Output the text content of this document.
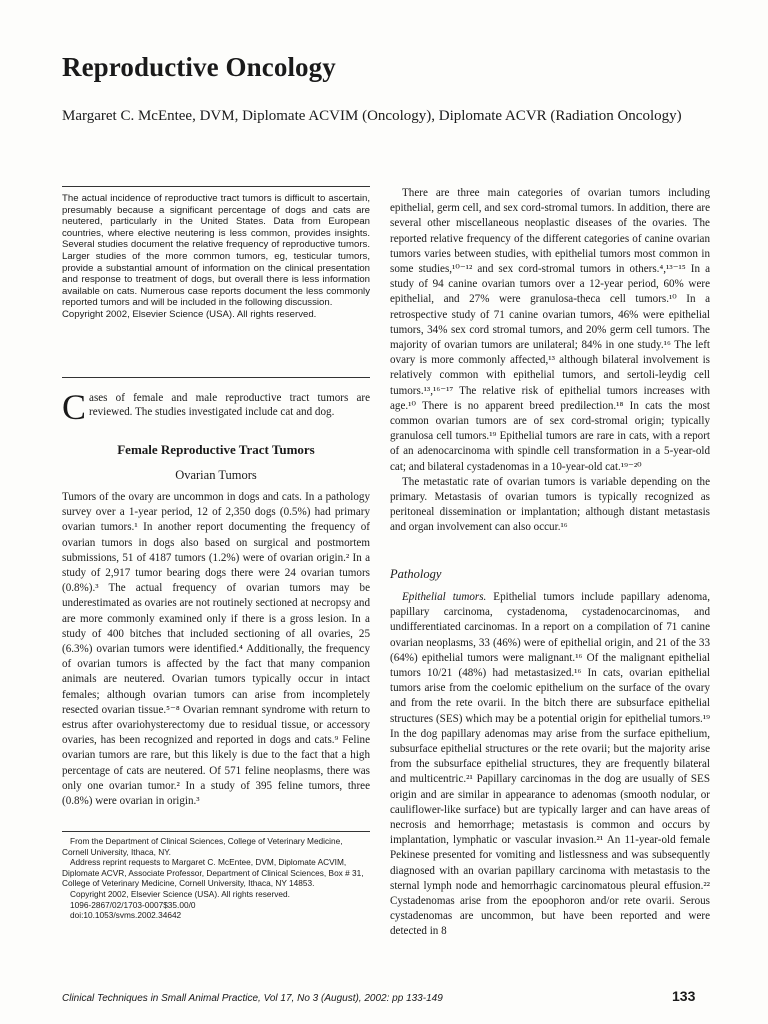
Reproductive Oncology
Margaret C. McEntee, DVM, Diplomate ACVIM (Oncology), Diplomate ACVR (Radiation Oncology)

The actual incidence of reproductive tract tumors is difficult to ascertain, presumably because a significant percentage of dogs and cats are neutered, particularly in the United States. Data from European countries, where elective neutering is less common, provides insights. Several studies document the relative frequency of reproductive tumors. Larger studies of the more common tumors, eg, testicular tumors, provide a substantial amount of information on the clinical presentation and response to treatment of dogs, but overall there is less information available on cats. Numerous case reports document the less commonly reported tumors and will be included in the following discussion.

Copyright 2002, Elsevier Science (USA). All rights reserved.

C ases of female and male reproductive tract tumors are reviewed. The studies investigated include cat and dog.
Female Reproductive Tract Tumors
Ovarian Tumors

Tumors of the ovary are uncommon in dogs and cats. In a pathology survey over a 1-year period, 12 of 2,350 dogs (0.5%) had primary ovarian tumors.¹ In another report documenting the frequency of ovarian tumors in dogs also based on surgical and postmortem submissions, 51 of 4187 tumors (1.2%) were of ovarian origin.² In a study of 2,917 tumor bearing dogs there were 24 ovarian tumors (0.8%).³ The actual frequency of ovarian tumors may be underestimated as ovaries are not routinely sectioned at necropsy and are more commonly examined only if there is a gross lesion. In a study of 400 bitches that included sectioning of all ovaries, 25 (6.3%) ovarian tumors were identified.⁴ Additionally, the frequency of ovarian tumors is affected by the fact that many companion animals are neutered. Ovarian tumors typically occur in intact females; although ovarian tumors can arise from incompletely resected ovarian tissue.⁵⁻⁸ Ovarian remnant syndrome with return to estrus after ovariohysterectomy due to residual tissue, or accessory ovaries, has been recognized and reported in dogs and cats.⁹ Feline ovarian tumors are rare, but this likely is due to the fact that a high percentage of cats are neutered. Of 571 feline neoplasms, there was only one ovarian tumor.² In a study of 395 feline tumors, three (0.8%) were ovarian in origin.³

From the Department of Clinical Sciences, College of Veterinary Medicine, Cornell University, Ithaca, NY.

Address reprint requests to Margaret C. McEntee, DVM, Diplomate ACVIM, Diplomate ACVR, Associate Professor, Department of Clinical Sciences, Box # 31, College of Veterinary Medicine, Cornell University, Ithaca, NY 14853.

Copyright 2002, Elsevier Science (USA). All rights reserved.

1096-2867/02/1703-0007$35.00/0

doi:10.1053/svms.2002.34642

There are three main categories of ovarian tumors including epithelial, germ cell, and sex cord-stromal tumors. In addition, there are several other miscellaneous neoplastic diseases of the ovaries. The reported relative frequency of the different categories of canine ovarian tumors varies between studies, with epithelial tumors most common in some studies,¹⁰⁻¹² and sex cord-stromal tumors in others.⁴,¹³⁻¹⁵ In a study of 94 canine ovarian tumors over a 12-year period, 60% were epithelial, and 27% were granulosa-theca cell tumors.¹⁰ In a retrospective study of 71 canine ovarian tumors, 46% were epithelial tumors, 34% sex cord stromal tumors, and 20% germ cell tumors. The majority of ovarian tumors are unilateral; 84% in one study.¹⁶ The left ovary is more commonly affected,¹³ although bilateral involvement is relatively common with epithelial tumors, and sertoli-leydig cell tumors.¹³,¹⁶⁻¹⁷ The relative risk of epithelial tumors increases with age.¹⁰ There is no apparent breed predilection.¹⁸ In cats the most common ovarian tumors are of sex cord-stromal origin; typically granulosa cell tumors.¹⁹ Epithelial tumors are rare in cats, with a report of an adenocarcinoma with spindle cell transformation in a 5-year-old cat; and bilateral cystadenomas in a 10-year-old cat.¹⁹⁻²⁰

The metastatic rate of ovarian tumors is variable depending on the primary. Metastasis of ovarian tumors is typically recognized as peritoneal dissemination or implantation; although distant metastasis and organ involvement can also occur.¹⁶

Pathology

Epithelial tumors. Epithelial tumors include papillary adenoma, papillary carcinoma, cystadenoma, cystadenocarcinomas, and undifferentiated carcinomas. In a report on a compilation of 71 canine ovarian neoplasms, 33 (46%) were of epithelial origin, and 21 of the 33 (64%) epithelial tumors were malignant.¹⁶ Of the malignant epithelial tumors 10/21 (48%) had metastasized.¹⁶ In cats, ovarian epithelial tumors arise from the coelomic epithelium on the surface of the ovary and from the rete ovarii. In the bitch there are subsurface epithelial structures (SES) which may be a potential origin for epithelial tumors.¹⁹ In the dog papillary adenomas may arise from the surface epithelium, subsurface epithelial structures or the rete ovarii; but the majority arise from the subsurface epithelial structures, they are frequently bilateral and multicentric.²¹ Papillary carcinomas in the dog are usually of SES origin and are similar in appearance to adenomas (smooth nodular, or cauliflower-like surface) but are typically larger and can have areas of necrosis and hemorrhage; metastasis is common and occurs by implantation, lymphatic or vascular invasion.²¹ An 11-year-old female Pekinese presented for vomiting and listlessness and was subsequently diagnosed with an ovarian papillary carcinoma with metastasis to the sternal lymph node and hemorrhagic carcinomatous pleural effusion.²² Cystadenomas arise from the epoophoron and/or rete ovarii. Serous cystadenomas are uncommon, but have been reported and were detected in 8

Clinical Techniques in Small Animal Practice, Vol 17, No 3 (August), 2002: pp 133-149	133
